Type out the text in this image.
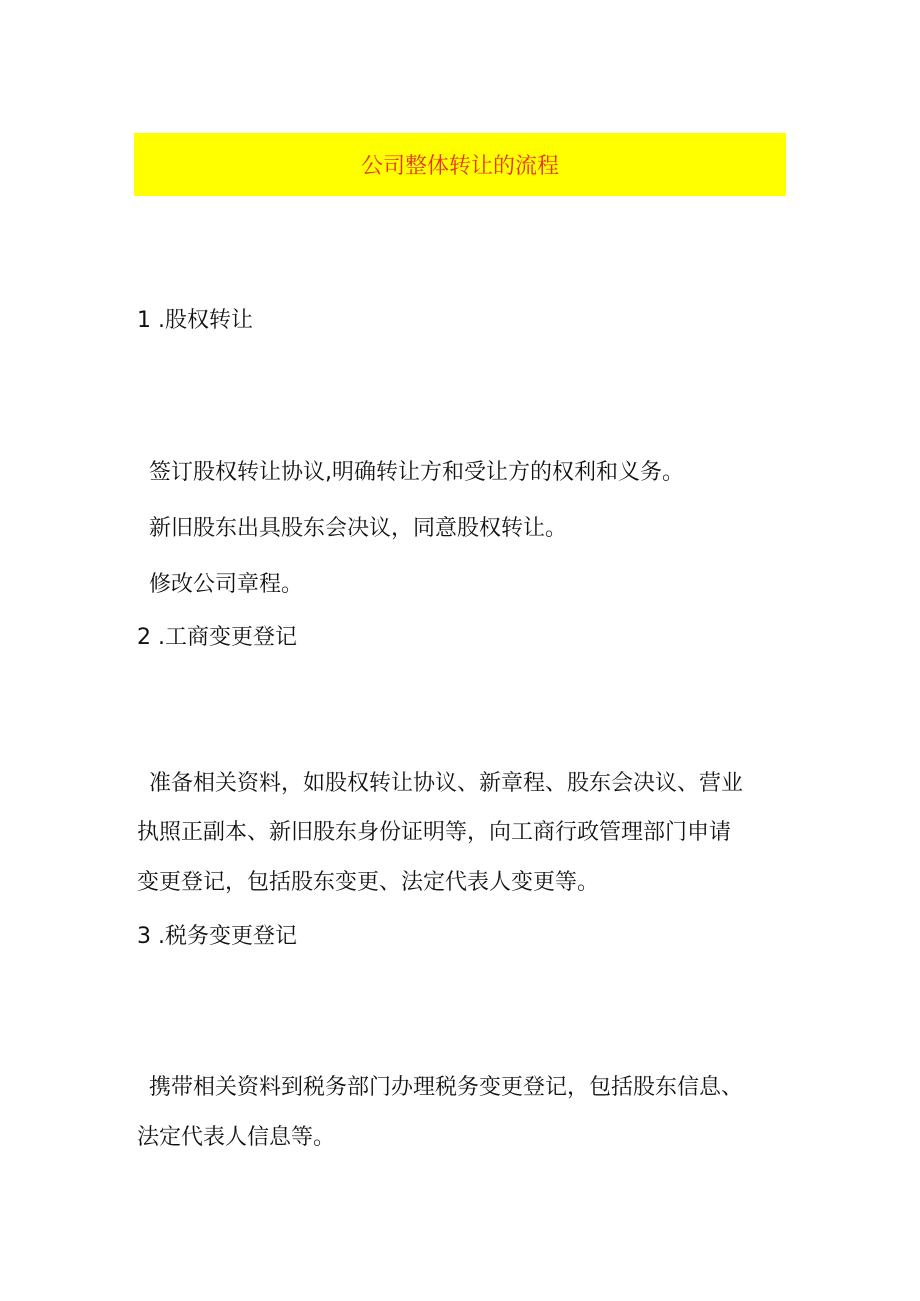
公司整体转让的流程
1 .股权转让
签订股权转让协议,明确转让方和受让方的权利和义务。
新旧股东出具股东会决议，同意股权转让。
修改公司章程。
2 .工商变更登记
准备相关资料，如股权转让协议、新章程、股东会决议、营业
执照正副本、新旧股东身份证明等，向工商行政管理部门申请
变更登记，包括股东变更、法定代表人变更等。
3 .税务变更登记
携带相关资料到税务部门办理税务变更登记，包括股东信息、
法定代表人信息等。
